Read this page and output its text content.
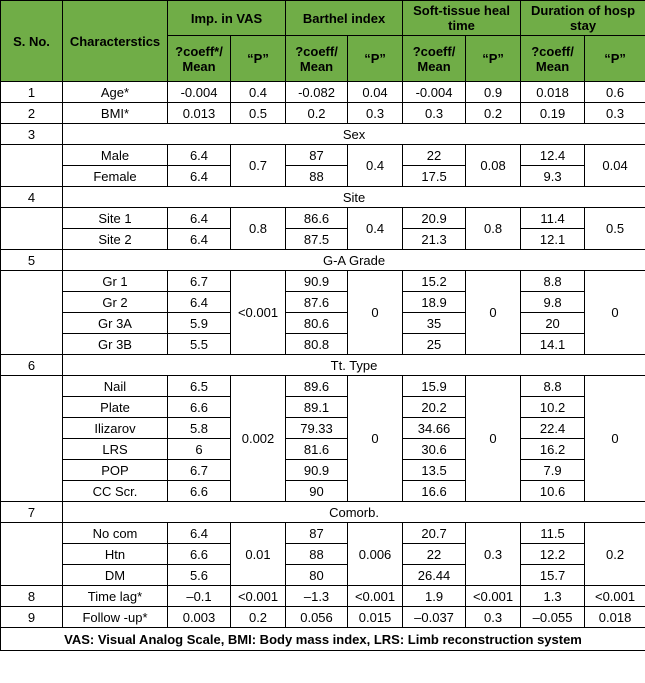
S. No.	Characterstics	Imp. in VAS		Barthel index		Soft-tissue heal time		Duration of hosp stay	
		?coeff*/ Mean	“P”	?coeff/ Mean	“P”	?coeff/ Mean	“P”	?coeff/ Mean	“P”
1	Age*	-0.004	0.4	-0.082	0.04	-0.004	0.9	0.018	0.6
2	BMI*	0.013	0.5	0.2	0.3	0.3	0.2	0.19	0.3
3	Sex								
	Male	6.4	0.7	87	0.4	22	0.08	12.4	0.04
	Female	6.4		88		17.5		9.3	
4	Site								
	Site 1	6.4	0.8	86.6	0.4	20.9	0.8	11.4	0.5
	Site 2	6.4		87.5		21.3		12.1	
5	G-A Grade								
	Gr 1	6.7	<0.001	90.9	0	15.2	0	8.8	0
	Gr 2	6.4		87.6		18.9		9.8	
	Gr 3A	5.9		80.6		35		20	
	Gr 3B	5.5		80.8		25		14.1	
6	Tt. Type								
	Nail	6.5	0.002	89.6	0	15.9	0	8.8	0
	Plate	6.6		89.1		20.2		10.2	
	Ilizarov	5.8		79.33		34.66		22.4	
	LRS	6		81.6		30.6		16.2	
	POP	6.7		90.9		13.5		7.9	
	CC Scr.	6.6		90		16.6		10.6	
7	Comorb.								
	No com	6.4	0.01	87	0.006	20.7	0.3	11.5	0.2
	Htn	6.6		88		22		12.2	
	DM	5.6		80		26.44		15.7	
8	Time lag*	–0.1	<0.001	–1.3	<0.001	1.9	<0.001	1.3	<0.001
9	Follow -up*	0.003	0.2	0.056	0.015	–0.037	0.3	–0.055	0.018
VAS: Visual Analog Scale, BMI: Body mass index, LRS: Limb reconstruction system									
